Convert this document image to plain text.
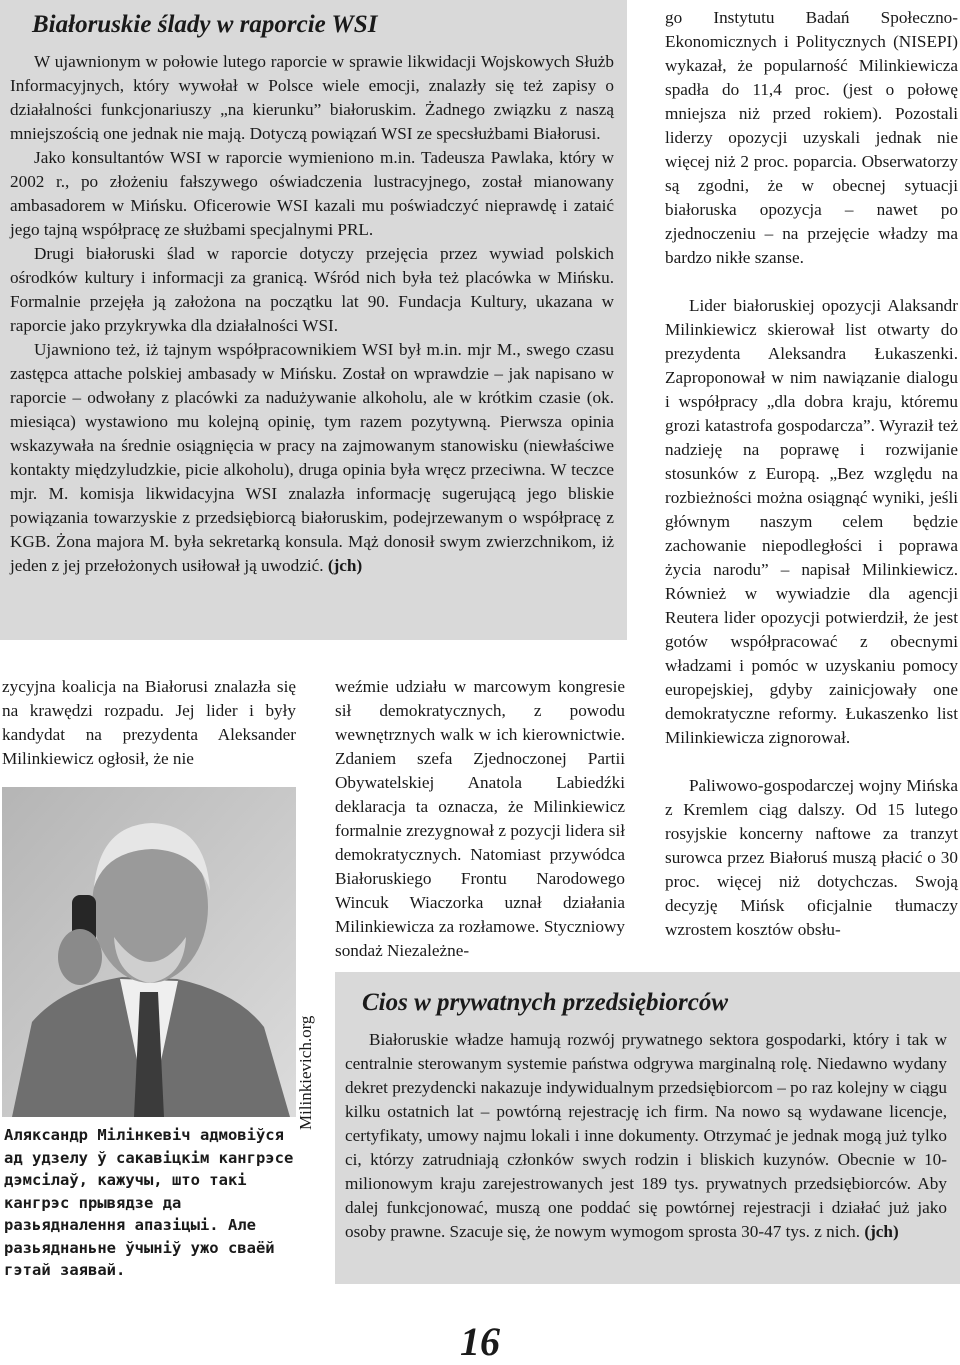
Białoruskie ślady w raporcie WSI

W ujawnionym w połowie lutego raporcie w sprawie likwidacji Wojskowych Służb Informacyjnych, który wywołał w Polsce wiele emocji, znalazły się też zapisy o działalności funkcjonariuszy „na kierunku” białoruskim. Żadnego związku z naszą mniejszością one jednak nie mają. Dotyczą powiązań WSI ze specsłużbami Białorusi.

Jako konsultantów WSI w raporcie wymieniono m.in. Tadeusza Pawlaka, który w 2002 r., po złożeniu fałszywego oświadczenia lustracyjnego, został mianowany ambasadorem w Mińsku. Oficerowie WSI kazali mu poświadczyć nieprawdę i zataić jego tajną współpracę ze służbami specjalnymi PRL.

Drugi białoruski ślad w raporcie dotyczy przejęcia przez wywiad polskich ośrodków kultury i informacji za granicą. Wśród nich była też placówka w Mińsku. Formalnie przejęła ją założona na początku lat 90. Fundacja Kultury, ukazana w raporcie jako przykrywka dla działalności WSI.

Ujawniono też, iż tajnym współpracownikiem WSI był m.in. mjr M., swego czasu zastępca attache polskiej ambasady w Mińsku. Został on wprawdzie – jak napisano w raporcie – odwołany z placówki za nadużywanie alkoholu, ale w krótkim czasie (ok. miesiąca) wystawiono mu kolejną opinię, tym razem pozytywną. Pierwsza opinia wskazywała na średnie osiągnięcia w pracy na zajmowanym stanowisku (niewłaściwe kontakty międzyludzkie, picie alkoholu), druga opinia była wręcz przeciwna. W teczce mjr. M. komisja likwidacyjna WSI znalazła informację sugerującą jego bliskie powiązania towarzyskie z przedsiębiorcą białoruskim, podejrzewanym o współpracę z KGB. Żona majora M. była sekretarką konsula. Mąż donosił swym zwierzchnikom, iż jeden z jej przełożonych usiłował ją uwodzić. (jch)

zycyjna koalicja na Białorusi znalazła się na krawędzi rozpadu. Jej lider i były kandydat na prezydenta Aleksander Milinkiewicz ogłosił, że nie

Milinkievich.org
Аляксандр Мілінкевіч адмовіўся ад удзелу ў сакавіцкім кангрэсе дэмсілаў, кажучы, што такі кангрэс прывядзе да разьядналення апазіцыі. Але разьяднаньне ўчыніў ужо сваёй гэтай заявай.

weźmie udziału w marcowym kongresie sił demokratycznych, z powodu wewnętrznych walk w ich kierownictwie. Zdaniem szefa Zjednoczonej Partii Obywatelskiej Anatola Labiedźki deklaracja ta oznacza, że Milinkiewicz formalnie zrezygnował z pozycji lidera sił demokratycznych. Natomiast przywódca Białoruskiego Frontu Narodowego Wincuk Wiaczorka uznał działania Milinkiewicza za rozłamowe. Styczniowy sondaż Niezależne-

go Instytutu Badań Społeczno- Ekonomicznych i Politycznych (NISEPI) wykazał, że popularność Milinkiewicza spadła do 11,4 proc. (jest o połowę mniejsza niż przed rokiem). Pozostali liderzy opozycji uzyskali jednak nie więcej niż 2 proc. poparcia. Obserwatorzy są zgodni, że w obecnej sytuacji białoruska opozycja – nawet po zjednoczeniu – na przejęcie władzy ma bardzo nikłe szanse.

Lider białoruskiej opozycji Alaksandr Milinkiewicz skierował list otwarty do prezydenta Aleksandra Łukaszenki. Zaproponował w nim nawiązanie dialogu i współpracy „dla dobra kraju, któremu grozi katastrofa gospodarcza”. Wyraził też nadzieję na poprawę i rozwijanie stosunków z Europą. „Bez względu na rozbieżności można osiągnąć wyniki, jeśli głównym naszym celem będzie zachowanie niepodległości i poprawa życia narodu” – napisał Milinkiewicz. Również w wywiadzie dla agencji Reutera lider opozycji potwierdził, że jest gotów współpracować z obecnymi władzami i pomóc w uzyskaniu pomocy europejskiej, gdyby zainicjowały one demokratyczne reformy. Łukaszenko list Milinkiewicza zignorował.

Paliwowo-gospodarczej wojny Mińska z Kremlem ciąg dalszy. Od 15 lutego rosyjskie koncerny naftowe za tranzyt surowca przez Białoruś muszą płacić o 30 proc. więcej niż dotychczas. Swoją decyzję Mińsk oficjalnie tłumaczy wzrostem kosztów obsłu-

Cios w prywatnych przedsiębiorców

Białoruskie władze hamują rozwój prywatnego sektora gospodarki, który i tak w centralnie sterowanym systemie państwa odgrywa marginalną rolę. Niedawno wydany dekret prezydencki nakazuje indywidualnym przedsiębiorcom – po raz kolejny w ciągu kilku ostatnich lat – powtórną rejestrację ich firm. Na nowo są wydawane licencje, certyfikaty, umowy najmu lokali i inne dokumenty. Otrzymać je jednak mogą już tylko ci, którzy zatrudniają członków swych rodzin i bliskich kuzynów. Obecnie w 10-milionowym kraju zarejestrowanych jest 189 tys. prywatnych przedsiębiorców. Aby dalej funkcjonować, muszą one poddać się powtórnej rejestracji i działać już jako osoby prawne. Szacuje się, że nowym wymogom sprosta 30-47 tys. z nich. (jch)

16
